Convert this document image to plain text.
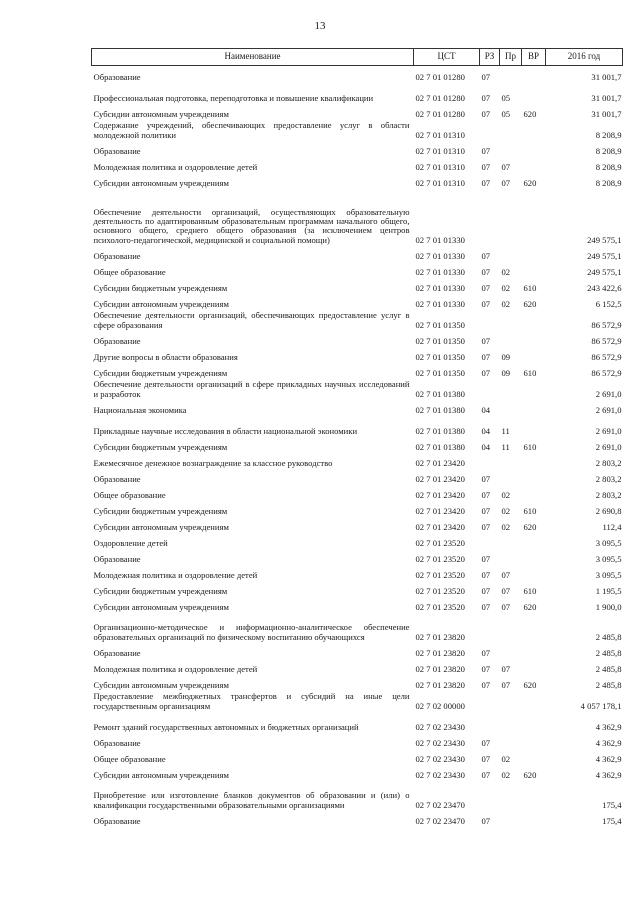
13
Наименование	ЦСТ	РЗ	Пр	ВР	2016 год
Образование	02 7 01 01280	07			31 001,7
Профессиональная подготовка, переподготовка и повышение квалификации	02 7 01 01280	07	05		31 001,7
Субсидии автономным учреждениям	02 7 01 01280	07	05	620	31 001,7
Содержание учреждений, обеспечивающих предоставление услуг в области молодежной политики	02 7 01 01310				8 208,9
Образование	02 7 01 01310	07			8 208,9
Молодежная политика и оздоровление детей	02 7 01 01310	07	07		8 208,9
Субсидии автономным учреждениям	02 7 01 01310	07	07	620	8 208,9
Обеспечение деятельности организаций, осуществляющих образовательную деятельность по адаптированным образовательным программам начального общего, основного общего, среднего общего образования (за исключением центров психолого-педагогической, медицинской и социальной помощи)	02 7 01 01330				249 575,1
Образование	02 7 01 01330	07			249 575,1
Общее образование	02 7 01 01330	07	02		249 575,1
Субсидии бюджетным учреждениям	02 7 01 01330	07	02	610	243 422,6
Субсидии автономным учреждениям	02 7 01 01330	07	02	620	6 152,5
Обеспечение деятельности организаций, обеспечивающих предоставление услуг в сфере образования	02 7 01 01350				86 572,9
Образование	02 7 01 01350	07			86 572,9
Другие вопросы в области образования	02 7 01 01350	07	09		86 572,9
Субсидии бюджетным учреждениям	02 7 01 01350	07	09	610	86 572,9
Обеспечение деятельности организаций в сфере прикладных научных исследований и разработок	02 7 01 01380				2 691,0
Национальная экономика	02 7 01 01380	04			2 691,0
Прикладные научные исследования в области национальной экономики	02 7 01 01380	04	11		2 691,0
Субсидии бюджетным учреждениям	02 7 01 01380	04	11	610	2 691,0
Ежемесячное денежное вознаграждение за классное руководство	02 7 01 23420				2 803,2
Образование	02 7 01 23420	07			2 803,2
Общее образование	02 7 01 23420	07	02		2 803,2
Субсидии бюджетным учреждениям	02 7 01 23420	07	02	610	2 690,8
Субсидии автономным учреждениям	02 7 01 23420	07	02	620	112,4
Оздоровление детей	02 7 01 23520				3 095,5
Образование	02 7 01 23520	07			3 095,5
Молодежная политика и оздоровление детей	02 7 01 23520	07	07		3 095,5
Субсидии бюджетным учреждениям	02 7 01 23520	07	07	610	1 195,5
Субсидии автономным учреждениям	02 7 01 23520	07	07	620	1 900,0
Организационно-методическое и информационно-аналитическое обеспечение образовательных организаций по физическому воспитанию обучающихся	02 7 01 23820				2 485,8
Образование	02 7 01 23820	07			2 485,8
Молодежная политика и оздоровление детей	02 7 01 23820	07	07		2 485,8
Субсидии автономным учреждениям	02 7 01 23820	07	07	620	2 485,8
Предоставление межбюджетных трансфертов и субсидий на иные цели государственным организациям	02 7 02 00000				4 057 178,1
Ремонт зданий государственных автономных и бюджетных организаций	02 7 02 23430				4 362,9
Образование	02 7 02 23430	07			4 362,9
Общее образование	02 7 02 23430	07	02		4 362,9
Субсидии автономным учреждениям	02 7 02 23430	07	02	620	4 362,9
Приобретение или изготовление бланков документов об образовании и (или) о квалификации государственными образовательными организациями	02 7 02 23470				175,4
Образование	02 7 02 23470	07			175,4
